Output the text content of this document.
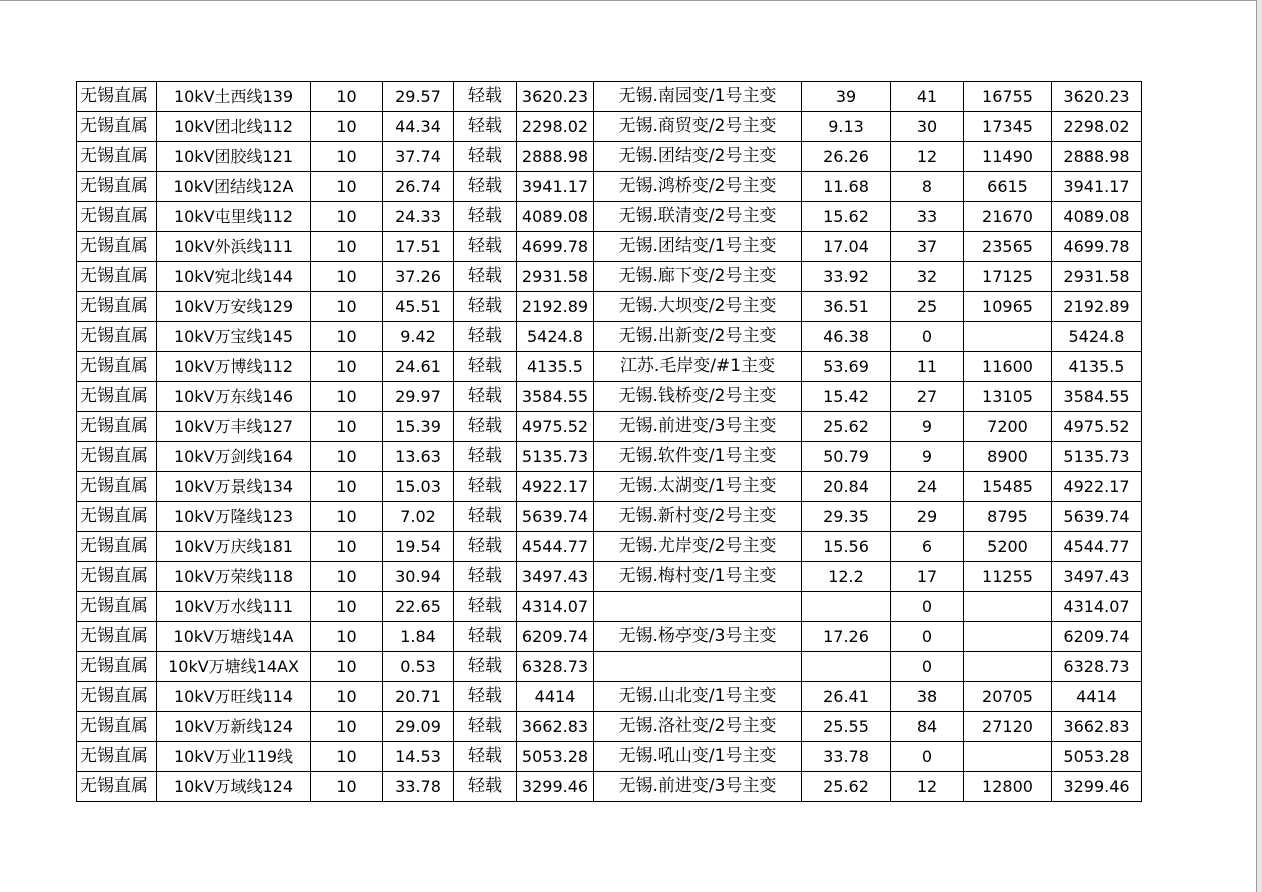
无锡直属	10kV土西线139	10	29.57	轻载	3620.23	无锡.南园变/1号主变	39	41	16755	3620.23
无锡直属	10kV团北线112	10	44.34	轻载	2298.02	无锡.商贸变/2号主变	9.13	30	17345	2298.02
无锡直属	10kV团胶线121	10	37.74	轻载	2888.98	无锡.团结变/2号主变	26.26	12	11490	2888.98
无锡直属	10kV团结线12A	10	26.74	轻载	3941.17	无锡.鸿桥变/2号主变	11.68	8	6615	3941.17
无锡直属	10kV屯里线112	10	24.33	轻载	4089.08	无锡.联清变/2号主变	15.62	33	21670	4089.08
无锡直属	10kV外浜线111	10	17.51	轻载	4699.78	无锡.团结变/1号主变	17.04	37	23565	4699.78
无锡直属	10kV宛北线144	10	37.26	轻载	2931.58	无锡.廊下变/2号主变	33.92	32	17125	2931.58
无锡直属	10kV万安线129	10	45.51	轻载	2192.89	无锡.大坝变/2号主变	36.51	25	10965	2192.89
无锡直属	10kV万宝线145	10	9.42	轻载	5424.8	无锡.出新变/2号主变	46.38	0		5424.8
无锡直属	10kV万博线112	10	24.61	轻载	4135.5	江苏.毛岸变/#1主变	53.69	11	11600	4135.5
无锡直属	10kV万东线146	10	29.97	轻载	3584.55	无锡.钱桥变/2号主变	15.42	27	13105	3584.55
无锡直属	10kV万丰线127	10	15.39	轻载	4975.52	无锡.前进变/3号主变	25.62	9	7200	4975.52
无锡直属	10kV万剑线164	10	13.63	轻载	5135.73	无锡.软件变/1号主变	50.79	9	8900	5135.73
无锡直属	10kV万景线134	10	15.03	轻载	4922.17	无锡.太湖变/1号主变	20.84	24	15485	4922.17
无锡直属	10kV万隆线123	10	7.02	轻载	5639.74	无锡.新村变/2号主变	29.35	29	8795	5639.74
无锡直属	10kV万庆线181	10	19.54	轻载	4544.77	无锡.尤岸变/2号主变	15.56	6	5200	4544.77
无锡直属	10kV万荣线118	10	30.94	轻载	3497.43	无锡.梅村变/1号主变	12.2	17	11255	3497.43
无锡直属	10kV万水线111	10	22.65	轻载	4314.07			0		4314.07
无锡直属	10kV万塘线14A	10	1.84	轻载	6209.74	无锡.杨亭变/3号主变	17.26	0		6209.74
无锡直属	10kV万塘线14AX	10	0.53	轻载	6328.73			0		6328.73
无锡直属	10kV万旺线114	10	20.71	轻载	4414	无锡.山北变/1号主变	26.41	38	20705	4414
无锡直属	10kV万新线124	10	29.09	轻载	3662.83	无锡.洛社变/2号主变	25.55	84	27120	3662.83
无锡直属	10kV万业119线	10	14.53	轻载	5053.28	无锡.吼山变/1号主变	33.78	0		5053.28
无锡直属	10kV万域线124	10	33.78	轻载	3299.46	无锡.前进变/3号主变	25.62	12	12800	3299.46
